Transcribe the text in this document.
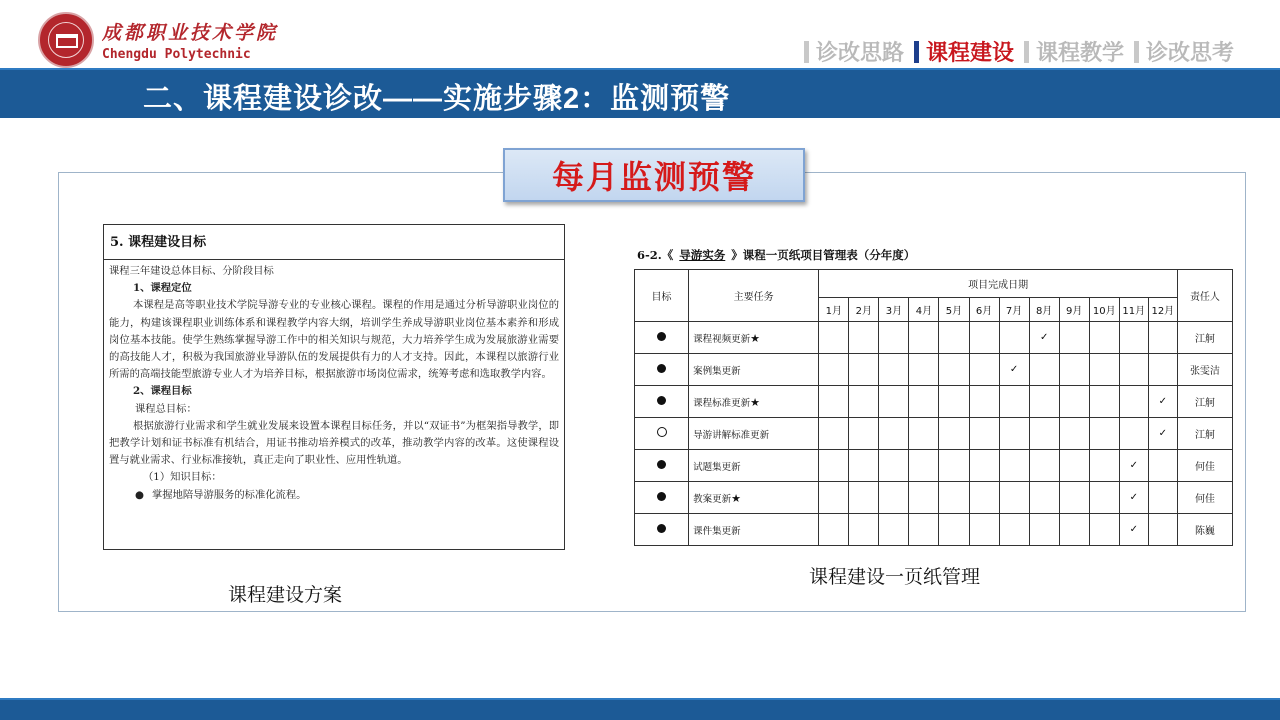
成都职业技术学院
Chengdu Polytechnic	诊改思路 课程建设 课程教学 诊改思考
二、课程建设诊改——实施步骤2：监测预警
每月监测预警
5. 课程建设目标

课程三年建设总体目标、分阶段目标

1、课程定位

本课程是高等职业技术学院导游专业的专业核心课程。课程的作用是通过分析导游职业岗位的能力，构建该课程职业训练体系和课程教学内容大纲，培训学生养成导游职业岗位基本素养和形成岗位基本技能。使学生熟练掌握导游工作中的相关知识与规范，大力培养学生成为发展旅游业需要的高技能人才，积极为我国旅游业导游队伍的发展提供有力的人才支持。因此，本课程以旅游行业所需的高端技能型旅游专业人才为培养目标，根据旅游市场岗位需求，统筹考虑和选取教学内容。

2、课程目标

课程总目标：

根据旅游行业需求和学生就业发展来设置本课程目标任务，并以“双证书”为框架指导教学，即把教学计划和证书标准有机结合，用证书推动培养模式的改革，推动教学内容的改革。这使课程设置与就业需求、行业标准接轨，真正走向了职业性、应用性轨道。

（1）知识目标：

● 掌握地陪导游服务的标准化流程。

课程建设方案
6-2.《 导游实务 》课程一页纸项目管理表（分年度）
目标	主要任务	项目完成日期												责任人
		1月	2月	3月	4月	5月	6月	7月	8月	9月	10月	11月	12月	
	课程视频更新★								✓					江舸
	案例集更新							✓						张雯洁
	课程标准更新★												✓	江舸
	导游讲解标准更新												✓	江舸
	试题集更新											✓		何佳
	教案更新★											✓		何佳
	课件集更新											✓		陈巍
课程建设一页纸管理
